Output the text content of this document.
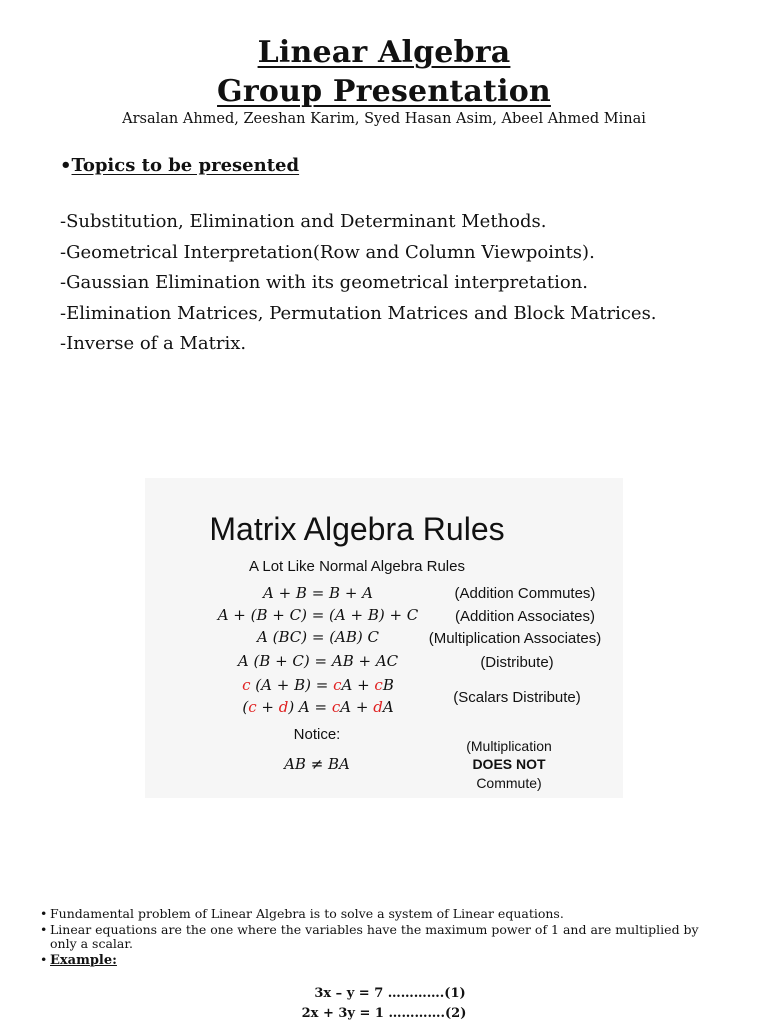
Linear Algebra
Group Presentation
Arsalan Ahmed, Zeeshan Karim, Syed Hasan Asim, Abeel Ahmed Minai
•Topics to be presented
-Substitution, Elimination and Determinant Methods.
-Geometrical Interpretation(Row and Column Viewpoints).
-Gaussian Elimination with its geometrical interpretation.
-Elimination Matrices, Permutation Matrices and Block Matrices.
-Inverse of a Matrix.
Matrix Algebra Rules
A Lot Like Normal Algebra Rules
A + B = B + A	(Addition Commutes)
A + (B + C) = (A + B) + C (Addition Associates)
A (BC) = (AB) C	(Multiplication Associates)
A (B + C) = AB + AC	(Distribute)
c (A + B) = cA + cB
(c + d) A = cA + dA
(Scalars Distribute)
Notice:
AB ≠ BA
(Multiplication
DOES NOT
Commute)
• Fundamental problem of Linear Algebra is to solve a system of Linear equations.
• Linear equations are the one where the variables have the maximum power of 1 and are multiplied by only a scalar.
• Example:
3x – y = 7 ………….(1)
2x + 3y = 1 ………….(2)
